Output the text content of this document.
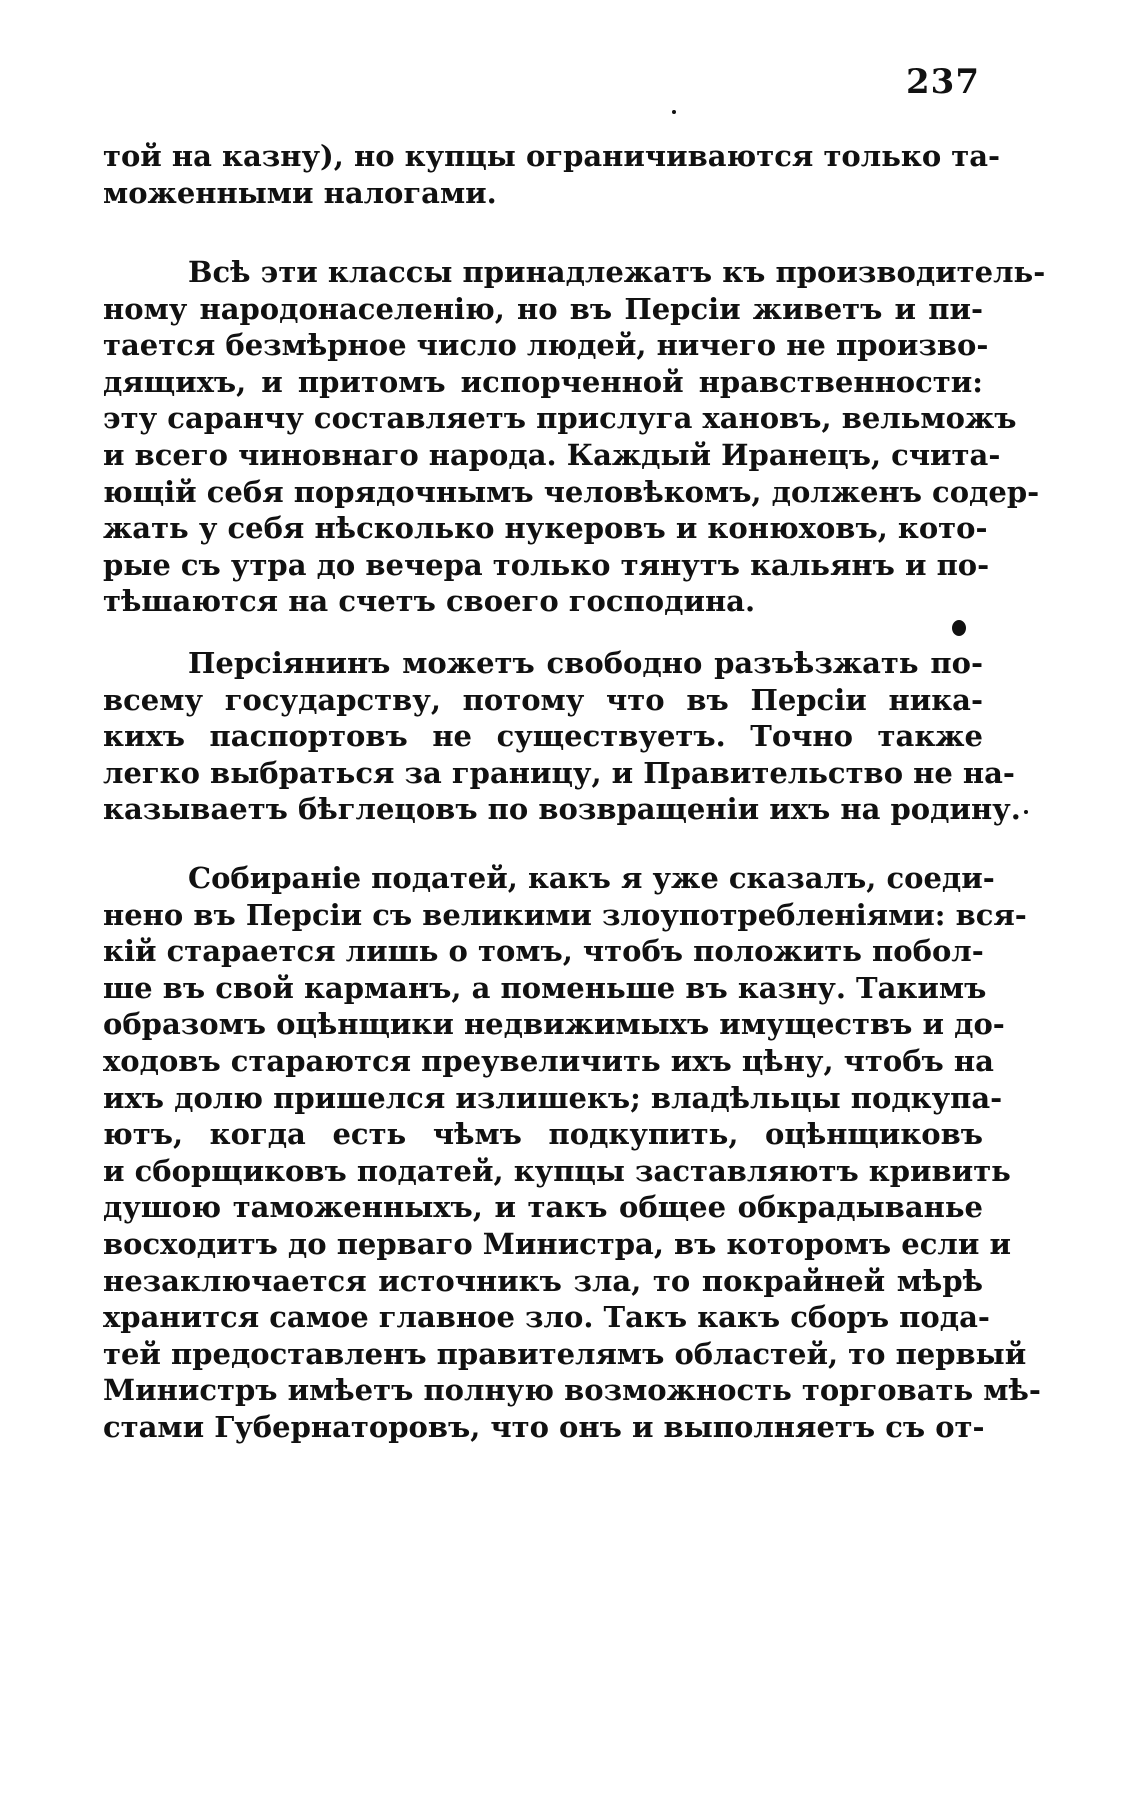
237
той на казну), но купцы ограничиваются только та-
моженными налогами.
Всѣ эти классы принадлежатъ къ производитель-
ному народонаселенію, но въ Персіи живетъ и пи-
тается безмѣрное число людей, ничего не произво-
дящихъ, и притомъ испорченной нравственности:
эту саранчу составляетъ прислуга хановъ, вельможъ
и всего чиновнаго народа. Каждый Иранецъ, счита-
ющій себя порядочнымъ человѣкомъ, долженъ содер-
жать у себя нѣсколько нукеровъ и конюховъ, кото-
рые съ утра до вечера только тянутъ кальянъ и по-
тѣшаются на счетъ своего господина.
Персіянинъ можетъ свободно разъѣзжать по-
всему государству, потому что въ Персіи ника-
кихъ паспортовъ не существуетъ. Точно также
легко выбраться за границу, и Правительство не на-
казываетъ бѣглецовъ по возвращеніи ихъ на родину.
Собираніе податей, какъ я уже сказалъ, соеди-
нено въ Персіи съ великими злоупотребленіями: вся-
кій старается лишь о томъ, чтобъ положить побол-
ше въ свой карманъ, а поменьше въ казну. Такимъ
образомъ оцѣнщики недвижимыхъ имуществъ и до-
ходовъ стараются преувеличить ихъ цѣну, чтобъ на
ихъ долю пришелся излишекъ; владѣльцы подкупа-
ютъ, когда есть чѣмъ подкупить, оцѣнщиковъ
и сборщиковъ податей, купцы заставляютъ кривить
душою таможенныхъ, и такъ общее обкрадыванье
восходитъ до перваго Министра, въ которомъ если и
незаключается источникъ зла, то покрайней мѣрѣ
хранится самое главное зло. Такъ какъ сборъ пода-
тей предоставленъ правителямъ областей, то первый
Министръ имѣетъ полную возможность торговать мѣ-
стами Губернаторовъ, что онъ и выполняетъ съ от-
